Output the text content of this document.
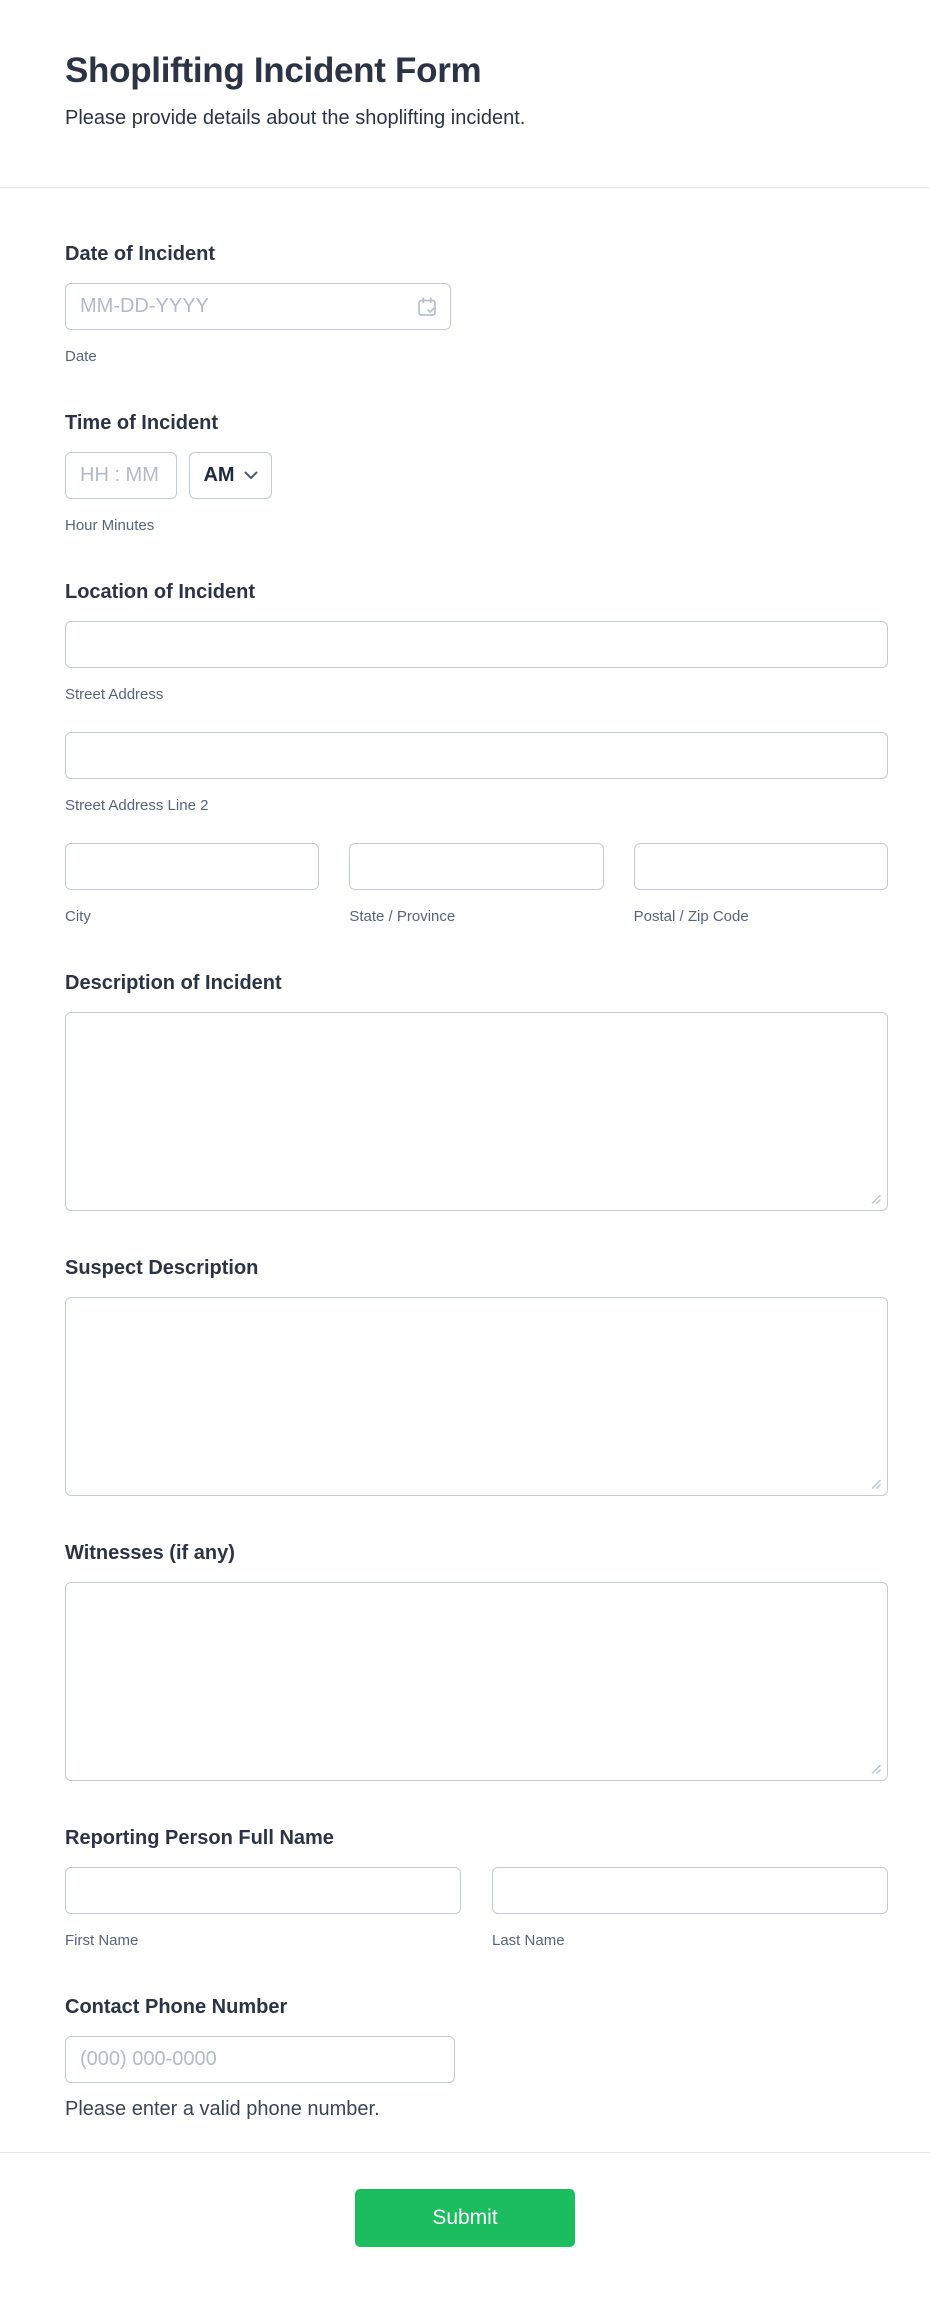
Shoplifting Incident Form

Please provide details about the shoplifting incident.

Date of Incident
MM-DD-YYYY
Date
Time of Incident
HH : MM
AM
Hour Minutes
Location of Incident
Street Address
Street Address Line 2
City	State / Province	Postal / Zip Code
Description of Incident
Suspect Description
Witnesses (if any)
Reporting Person Full Name
First Name	Last Name
Contact Phone Number
(000) 000-0000
Please enter a valid phone number.
Submit
